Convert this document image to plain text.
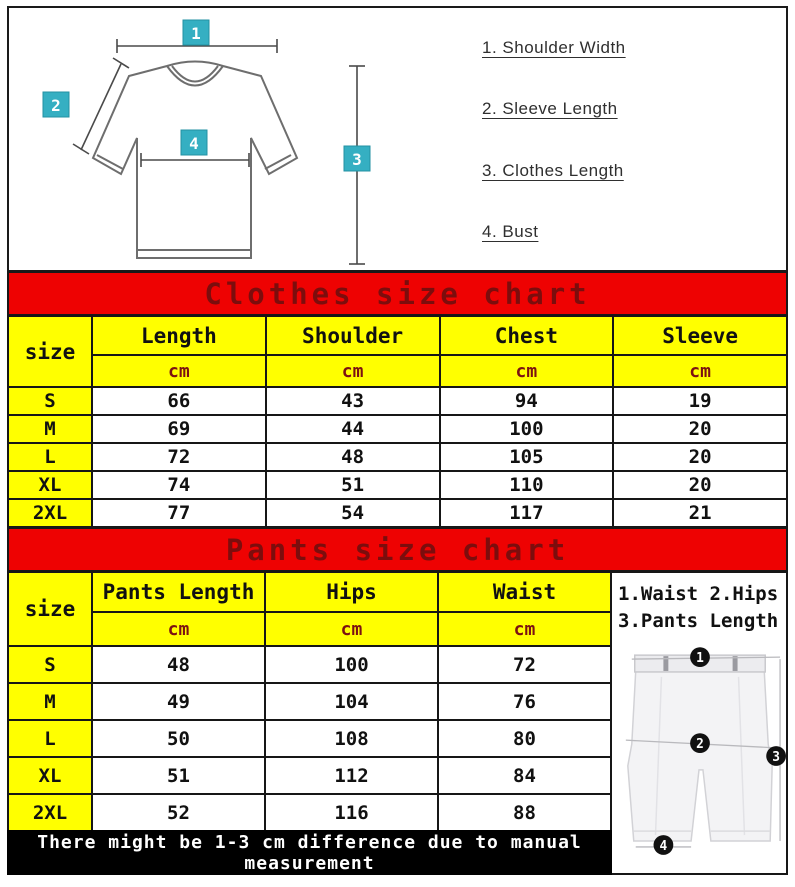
1
2
4
3
1. Shoulder Width
2. Sleeve Length
3. Clothes Length
4. Bust
Clothes size chart
size	Length	Shoulder	Chest	Sleeve
	cm	cm	cm	cm
S	66	43	94	19
M	69	44	100	20
L	72	48	105	20
XL	74	51	110	20
2XL	77	54	117	21
Pants size chart
size	Pants Length	Hips	Waist
	cm	cm	cm
S	48	100	72
M	49	104	76
L	50	108	80
XL	51	112	84
2XL	52	116	88
There might be 1-3 cm difference due to manual
measurement
1.Waist 2.Hips
3.Pants Length
1
2
3
4
